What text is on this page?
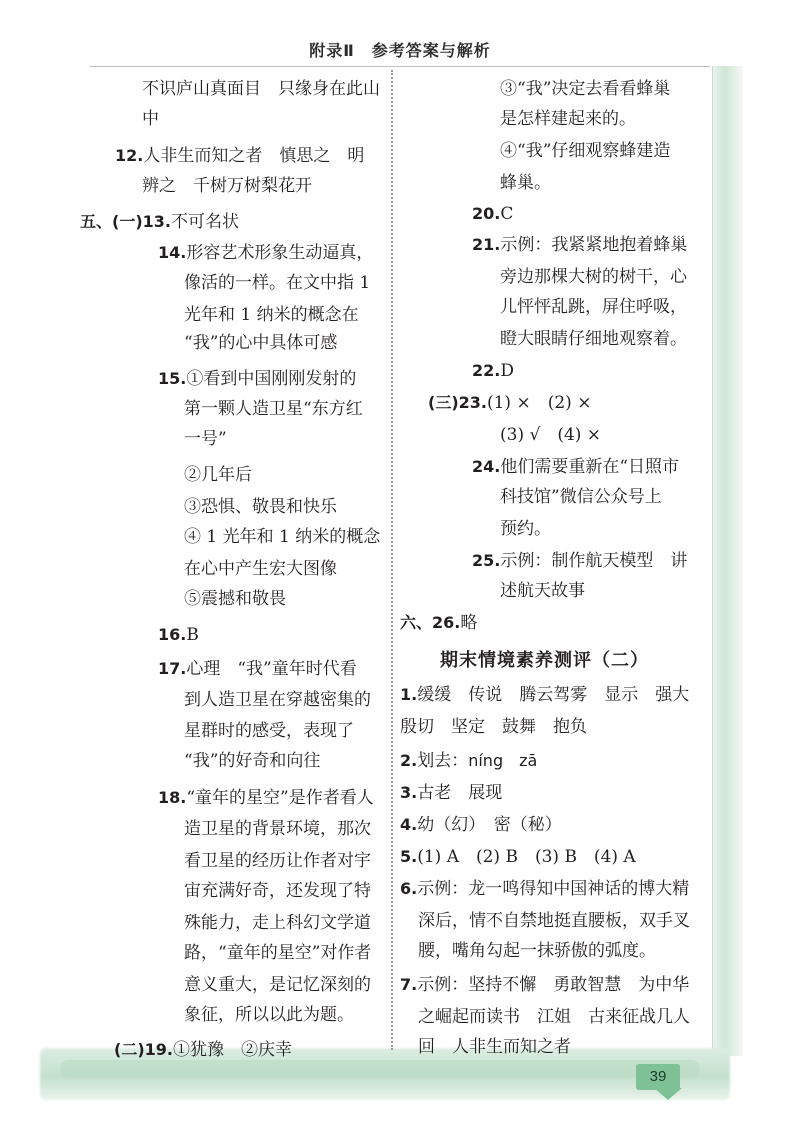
附录Ⅱ　参考答案与解析
不识庐山真面目　只缘身在此山
中
12.人非生而知之者　慎思之　明
辨之　千树万树梨花开
五、(一)13.不可名状
14.形容艺术形象生动逼真，
像活的一样。在文中指 1
光年和 1 纳米的概念在
“我”的心中具体可感
15.①看到中国刚刚发射的
第一颗人造卫星“东方红
一号”
②几年后
③恐惧、敬畏和快乐
④ 1 光年和 1 纳米的概念
在心中产生宏大图像
⑤震撼和敬畏
16.B
17.心理　“我”童年时代看
到人造卫星在穿越密集的
星群时的感受，表现了
“我”的好奇和向往
18.“童年的星空”是作者看人
造卫星的背景环境，那次
看卫星的经历让作者对宇
宙充满好奇，还发现了特
殊能力，走上科幻文学道
路，“童年的星空”对作者
意义重大，是记忆深刻的
象征，所以以此为题。
(二)19.①犹豫　②庆幸
③“我”决定去看看蜂巢
是怎样建起来的。
④“我”仔细观察蜂建造
蜂巢。
20.C
21.示例：我紧紧地抱着蜂巢
旁边那棵大树的树干，心
儿怦怦乱跳，屏住呼吸，
瞪大眼睛仔细地观察着。
22.D
(三)23.(1) ×　(2) ×
(3) √　(4) ×
24.他们需要重新在“日照市
科技馆”微信公众号上
预约。
25.示例：制作航天模型　讲
述航天故事
六、26.略
期末情境素养测评（二）
1.缓缓　传说　腾云驾雾　显示　强大
殷切　坚定　鼓舞　抱负
2.划去：níng　zā
3.古老　展现
4.幼（幻）　密（秘）
5.(1) A　(2) B　(3) B　(4) A
6.示例：龙一鸣得知中国神话的博大精
深后，情不自禁地挺直腰板，双手叉
腰，嘴角勾起一抹骄傲的弧度。
7.示例：坚持不懈　勇敢智慧　为中华
之崛起而读书　江姐　古来征战几人
回　人非生而知之者
39
